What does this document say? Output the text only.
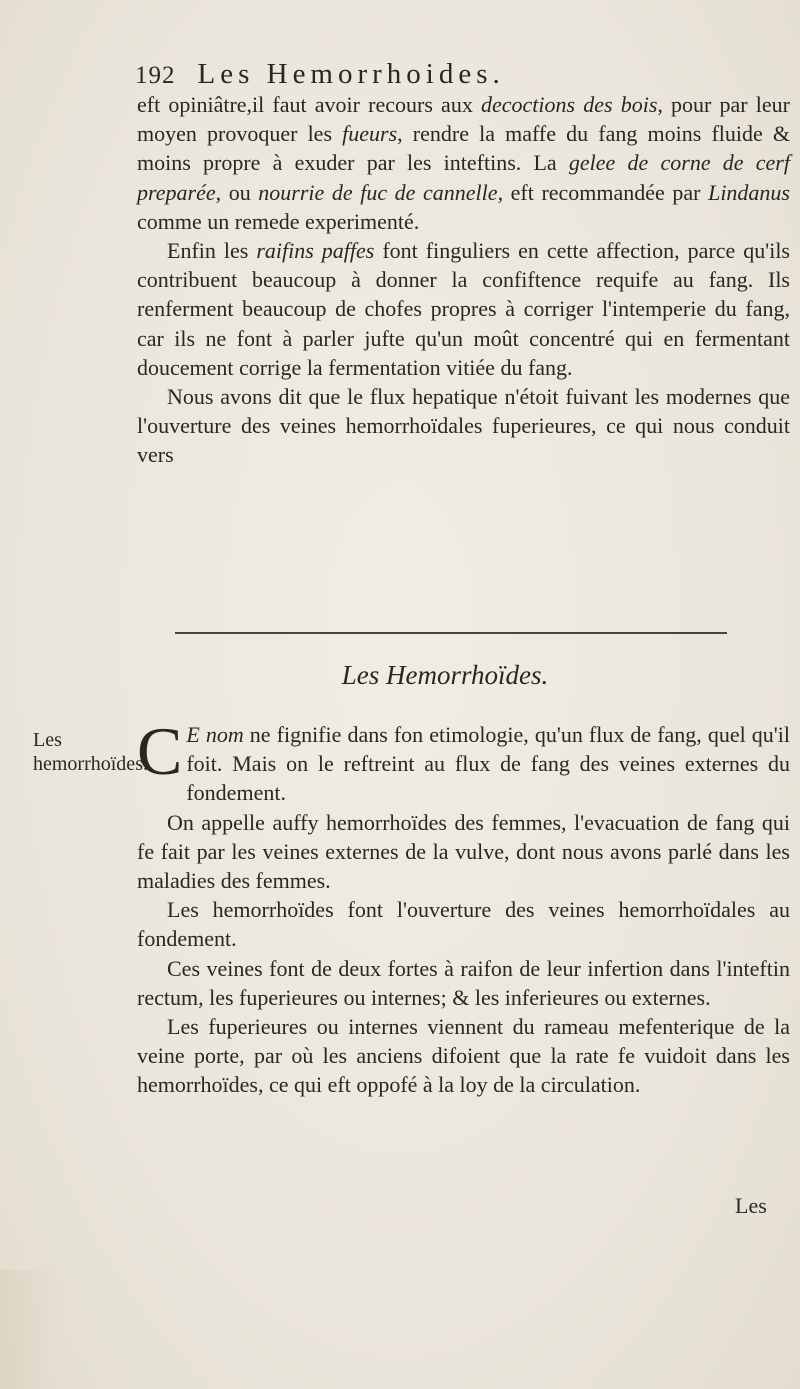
192 Les Hemorrhoides.

eft opiniâtre,il faut avoir recours aux decoctions des bois, pour par leur moyen provoquer les fueurs, rendre la maffe du fang moins fluide & moins propre à exuder par les inteftins. La gelee de corne de cerf preparée, ou nourrie de fuc de cannelle, eft recommandée par Lindanus comme un remede experimenté.

Enfin les raifins paffes font finguliers en cette affection, parce qu'ils contribuent beaucoup à donner la confiftence requife au fang. Ils renferment beaucoup de chofes propres à corriger l'intemperie du fang, car ils ne font à parler jufte qu'un moût concentré qui en fermentant doucement corrige la fermentation vitiée du fang.

Nous avons dit que le flux hepatique n'étoit fuivant les modernes que l'ouverture des veines hemorrhoïdales fuperieures, ce qui nous conduit vers

Les Hemorrhoïdes.
Les hemorrhoïdes.

C E nom ne fignifie dans fon etimologie, qu'un flux de fang, quel qu'il foit. Mais on le reftreint au flux de fang des veines externes du fondement.

On appelle auffy hemorrhoïdes des femmes, l'evacuation de fang qui fe fait par les veines externes de la vulve, dont nous avons parlé dans les maladies des femmes.

Les hemorrhoïdes font l'ouverture des veines hemorrhoïdales au fondement.

Ces veines font de deux fortes à raifon de leur infertion dans l'inteftin rectum, les fuperieures ou internes; & les inferieures ou externes.

Les fuperieures ou internes viennent du rameau mefenterique de la veine porte, par où les anciens difoient que la rate fe vuidoit dans les hemorrhoïdes, ce qui eft oppofé à la loy de la circulation.

Les
